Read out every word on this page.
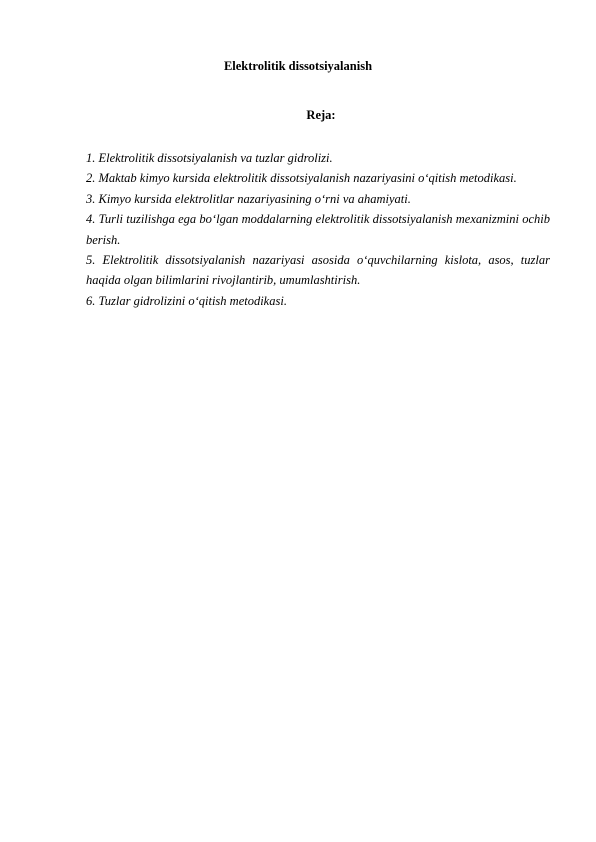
Elektrolitik dissotsiyalanish
Reja:
1. Elektrolitik dissotsiyalanish va tuzlar gidrolizi.
2. Maktab kimyo kursida elektrolitik dissotsiyalanish nazariyasini o‘qitish metodikasi.
3. Kimyo kursida elektrolitlar nazariyasining o‘rni va ahamiyati.
4. Turli tuzilishga ega bo‘lgan moddalarning elektrolitik dissotsiyalanish mexanizmini ochib berish.
5. Elektrolitik dissotsiyalanish nazariyasi asosida o‘quvchilarning kislota, asos, tuzlar haqida olgan bilimlarini rivojlantirib, umumlashtirish.
6. Tuzlar gidrolizini o‘qitish metodikasi.
